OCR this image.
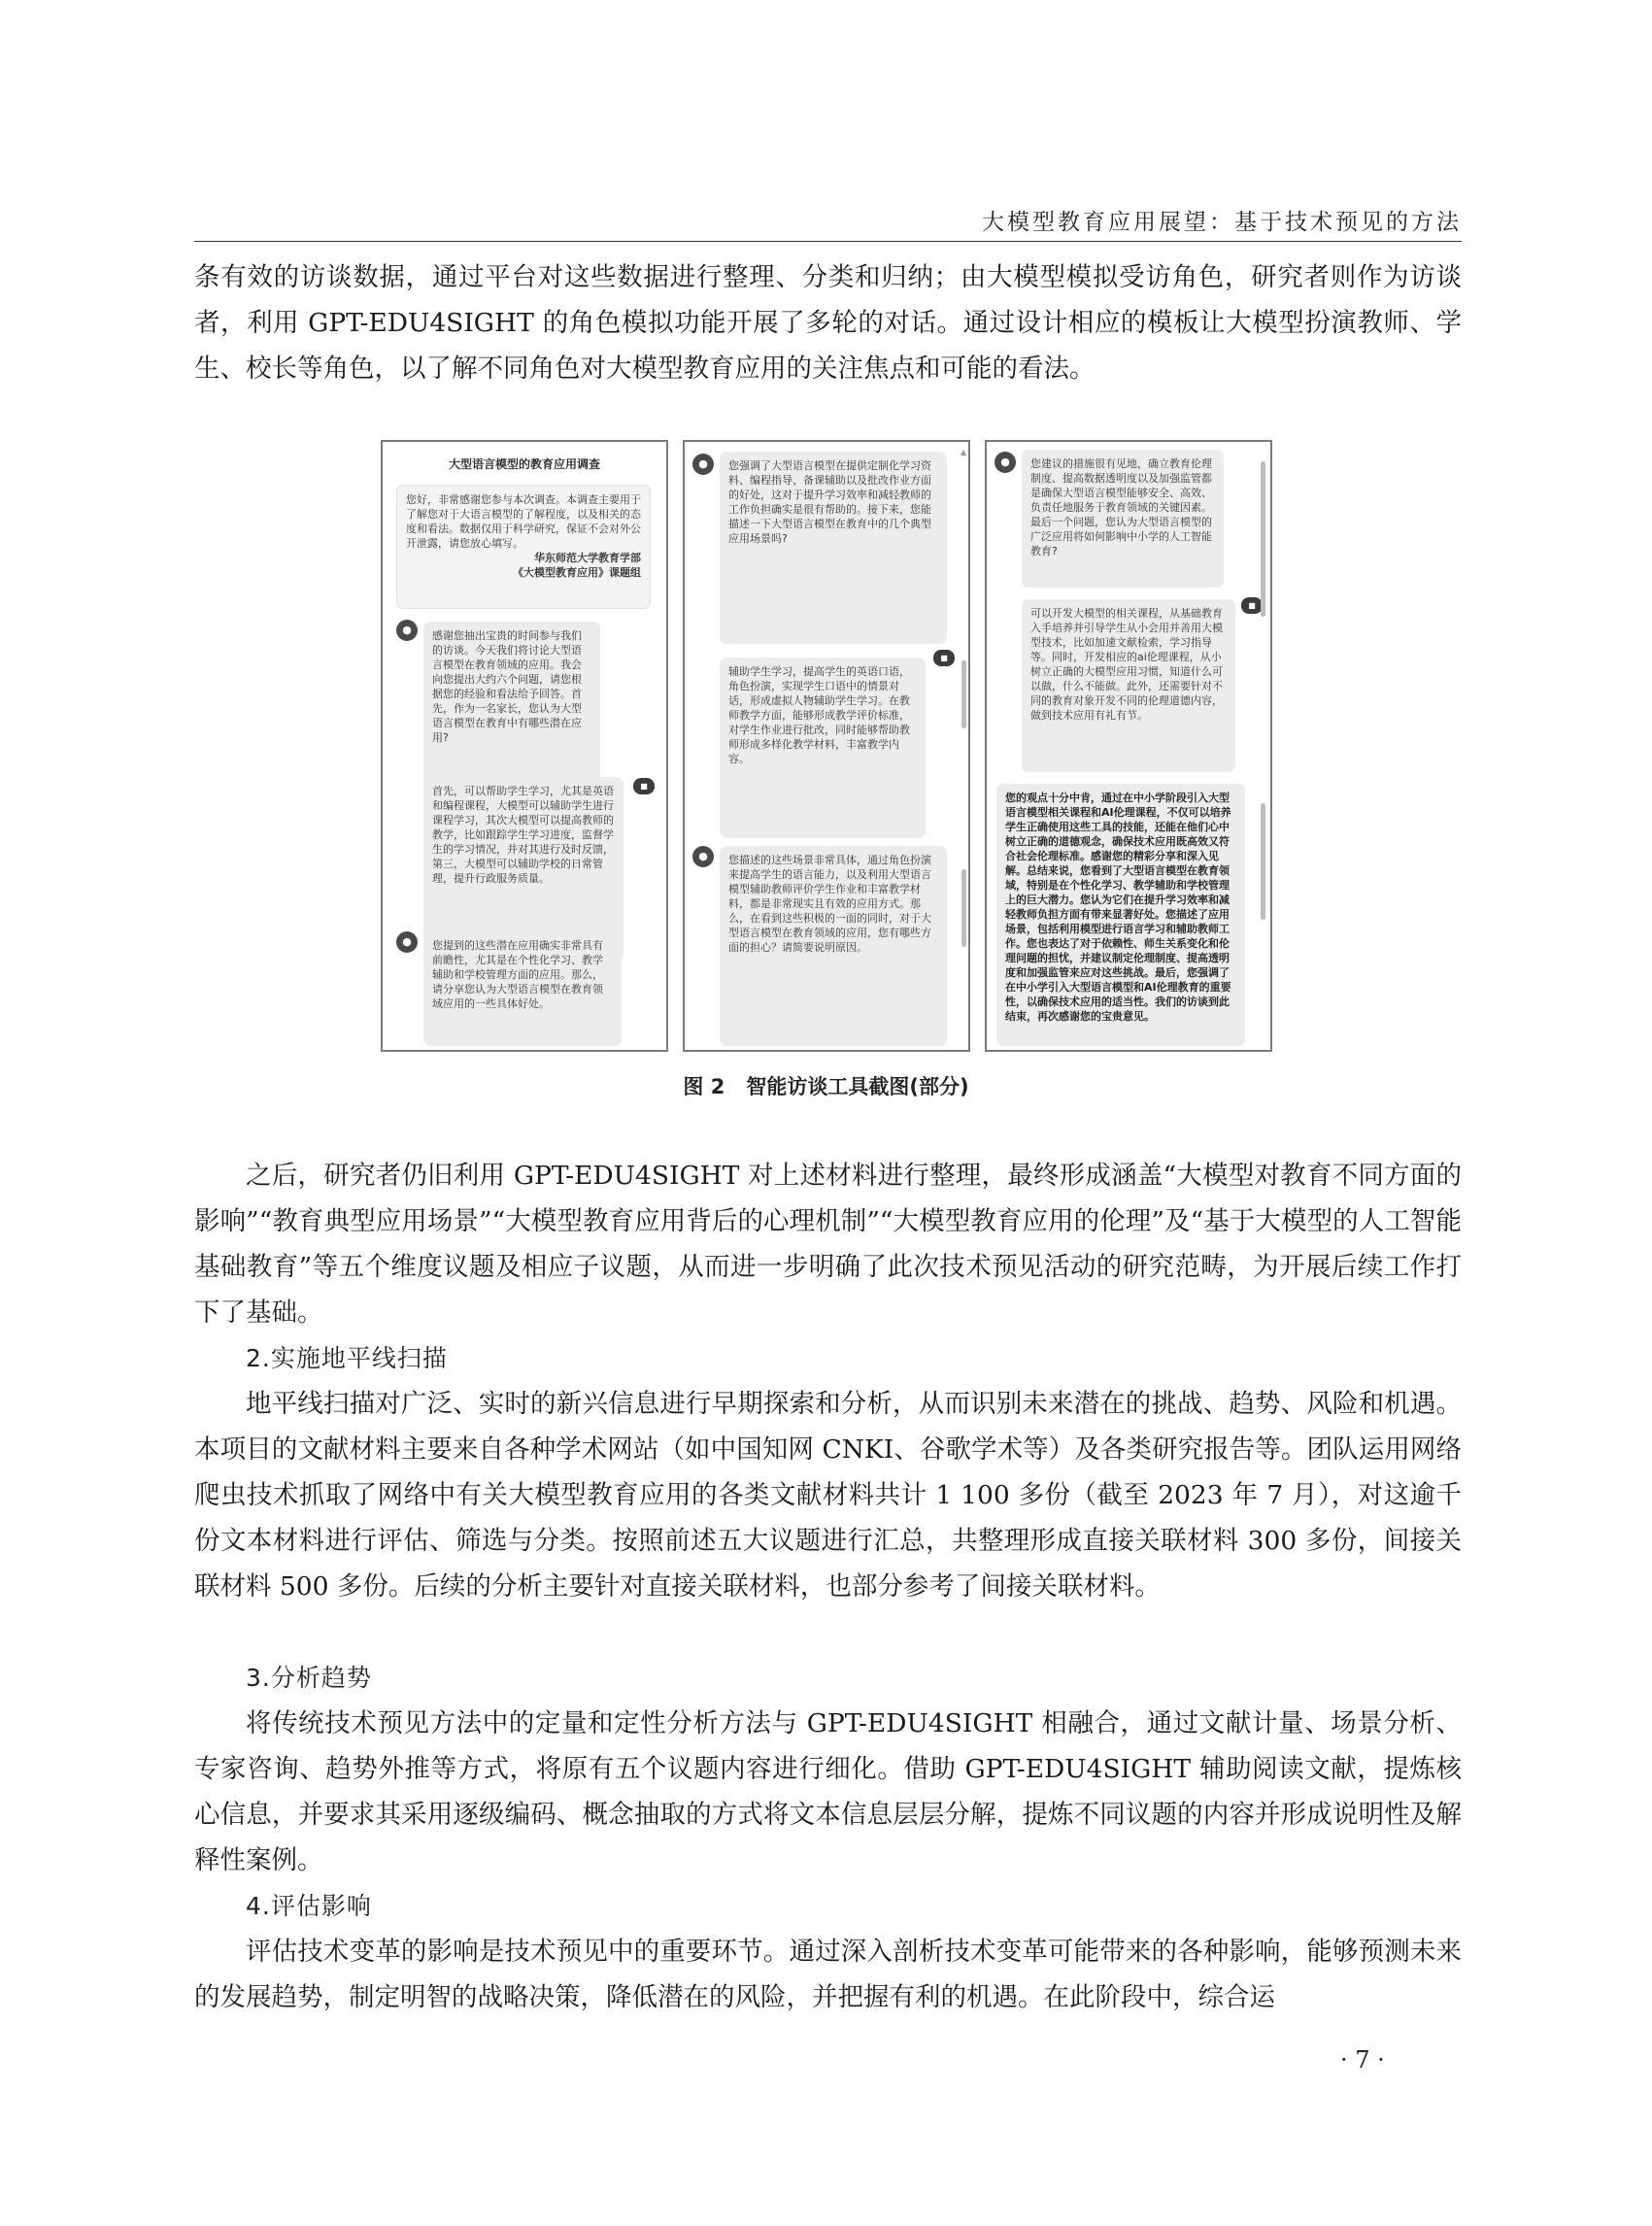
大模型教育应用展望：基于技术预见的方法

条有效的访谈数据，通过平台对这些数据进行整理、分类和归纳；由大模型模拟受访角色，研究者则作为访谈者，利用 GPT-EDU4SIGHT 的角色模拟功能开展了多轮的对话。通过设计相应的模板让大模型扮演教师、学生、校长等角色，以了解不同角色对大模型教育应用的关注焦点和可能的看法。

大型语言模型的教育应用调查
您好，非常感谢您参与本次调查。本调查主要用于了解您对于大语言模型的了解程度，以及相关的态度和看法。数据仅用于科学研究，保证不会对外公开泄露，请您放心填写。
华东师范大学教育学部
《大模型教育应用》课题组
●	感谢您抽出宝贵的时间参与我们的访谈。今天我们将讨论大型语言模型在教育领域的应用。我会向您提出大约六个问题，请您根据您的经验和看法给予回答。首先，作为一名家长，您认为大型语言模型在教育中有哪些潜在应用?
■
首先，可以帮助学生学习，尤其是英语和编程课程，大模型可以辅助学生进行课程学习，其次大模型可以提高教师的教学，比如跟踪学生学习进度，监督学生的学习情况，并对其进行及时反馈，第三，大模型可以辅助学校的日常管理，提升行政服务质量。
●	您提到的这些潜在应用确实非常具有前瞻性，尤其是在个性化学习、教学辅助和学校管理方面的应用。那么，请分享您认为大型语言模型在教育领域应用的一些具体好处。
●	您强调了大型语言模型在提供定制化学习资料、编程指导、备课辅助以及批改作业方面的好处，这对于提升学习效率和减轻教师的工作负担确实是很有帮助的。接下来，您能描述一下大型语言模型在教育中的几个典型应用场景吗?
■
辅助学生学习，提高学生的英语口语，角色扮演，实现学生口语中的情景对话，形成虚拟人物辅助学生学习。在教师教学方面，能够形成教学评价标准，对学生作业进行批改，同时能够帮助教师形成多样化教学材料，丰富教学内容。
●	您描述的这些场景非常具体，通过角色扮演来提高学生的语言能力，以及利用大型语言模型辅助教师评价学生作业和丰富教学材料，都是非常现实且有效的应用方式。那么，在看到这些积极的一面的同时，对于大型语言模型在教育领域的应用，您有哪些方面的担心？请简要说明原因。
▲
●	您建议的措施很有见地，确立教育伦理制度、提高数据透明度以及加强监管都是确保大型语言模型能够安全、高效、负责任地服务于教育领域的关键因素。最后一个问题，您认为大型语言模型的广泛应用将如何影响中小学的人工智能教育?
■
可以开发大模型的相关课程，从基础教育入手培养并引导学生从小会用并善用大模型技术，比如加速文献检索，学习指导等。同时，开发相应的ai伦理课程，从小树立正确的大模型应用习惯，知道什么可以做，什么不能做。此外，还需要针对不同的教育对象开发不同的伦理道德内容，做到技术应用有礼有节。
您的观点十分中肯，通过在中小学阶段引入大型语言模型相关课程和AI伦理课程，不仅可以培养学生正确使用这些工具的技能，还能在他们心中树立正确的道德观念，确保技术应用既高效又符合社会伦理标准。感谢您的精彩分享和深入见解。总结来说，您看到了大型语言模型在教育领域，特别是在个性化学习、教学辅助和学校管理上的巨大潜力。您认为它们在提升学习效率和减轻教师负担方面有带来显著好处。您描述了应用场景，包括利用模型进行语言学习和辅助教师工作。您也表达了对于依赖性、师生关系变化和伦理问题的担忧，并建议制定伦理制度、提高透明度和加强监管来应对这些挑战。最后，您强调了在中小学引入大型语言模型和AI伦理教育的重要性，以确保技术应用的适当性。我们的访谈到此结束，再次感谢您的宝贵意见。

图 2 智能访谈工具截图(部分)

之后，研究者仍旧利用 GPT-EDU4SIGHT 对上述材料进行整理，最终形成涵盖“大模型对教育不同方面的影响”“教育典型应用场景”“大模型教育应用背后的心理机制”“大模型教育应用的伦理”及“基于大模型的人工智能基础教育”等五个维度议题及相应子议题，从而进一步明确了此次技术预见活动的研究范畴，为开展后续工作打下了基础。

2.实施地平线扫描

地平线扫描对广泛、实时的新兴信息进行早期探索和分析，从而识别未来潜在的挑战、趋势、风险和机遇。本项目的文献材料主要来自各种学术网站（如中国知网 CNKI、谷歌学术等）及各类研究报告等。团队运用网络爬虫技术抓取了网络中有关大模型教育应用的各类文献材料共计 1 100 多份（截至 2023 年 7 月），对这逾千份文本材料进行评估、筛选与分类。按照前述五大议题进行汇总，共整理形成直接关联材料 300 多份，间接关联材料 500 多份。后续的分析主要针对直接关联材料，也部分参考了间接关联材料。

3.分析趋势

将传统技术预见方法中的定量和定性分析方法与 GPT-EDU4SIGHT 相融合，通过文献计量、场景分析、专家咨询、趋势外推等方式，将原有五个议题内容进行细化。借助 GPT-EDU4SIGHT 辅助阅读文献，提炼核心信息，并要求其采用逐级编码、概念抽取的方式将文本信息层层分解，提炼不同议题的内容并形成说明性及解释性案例。

4.评估影响

评估技术变革的影响是技术预见中的重要环节。通过深入剖析技术变革可能带来的各种影响，能够预测未来的发展趋势，制定明智的战略决策，降低潜在的风险，并把握有利的机遇。在此阶段中，综合运

· 7 ·
